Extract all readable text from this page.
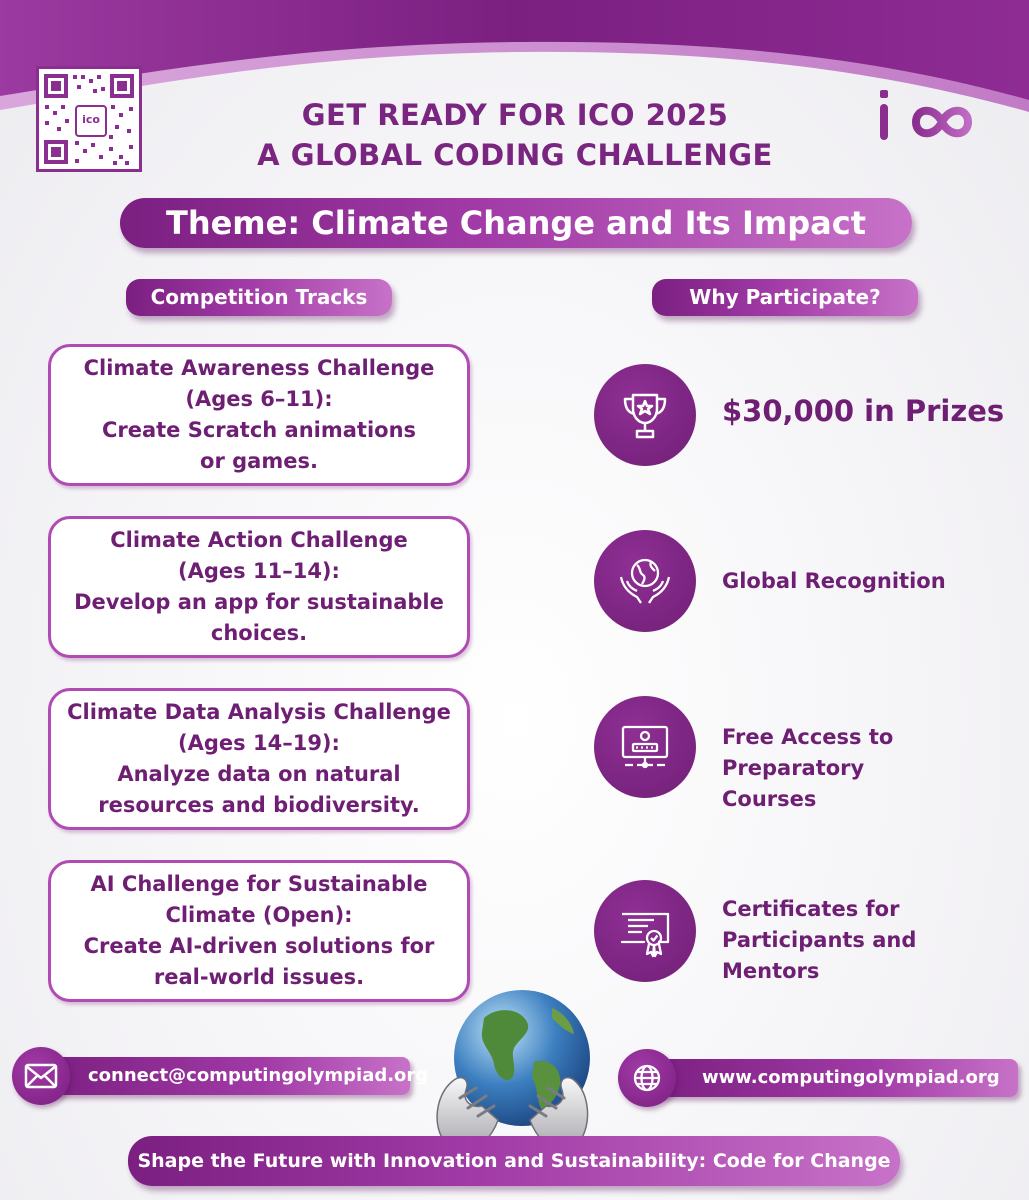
ico	GET READY FOR ICO 2025
A GLOBAL CODING CHALLENGE
Theme: Climate Change and Its Impact
Competition Tracks	Why Participate?
Climate Awareness Challenge
(Ages 6–11):
Create Scratch animations
or games.
Climate Action Challenge
(Ages 11–14):
Develop an app for sustainable
choices.
Climate Data Analysis Challenge
(Ages 14–19):
Analyze data on natural
resources and biodiversity.
AI Challenge for Sustainable
Climate (Open):
Create AI-driven solutions for
real-world issues.
$30,000 in Prizes
Global Recognition
Free Access to
Preparatory
Courses
Certificates for
Participants and
Mentors
connect@computingolympiad.org	www.computingolympiad.org
Shape the Future with Innovation and Sustainability: Code for Change
